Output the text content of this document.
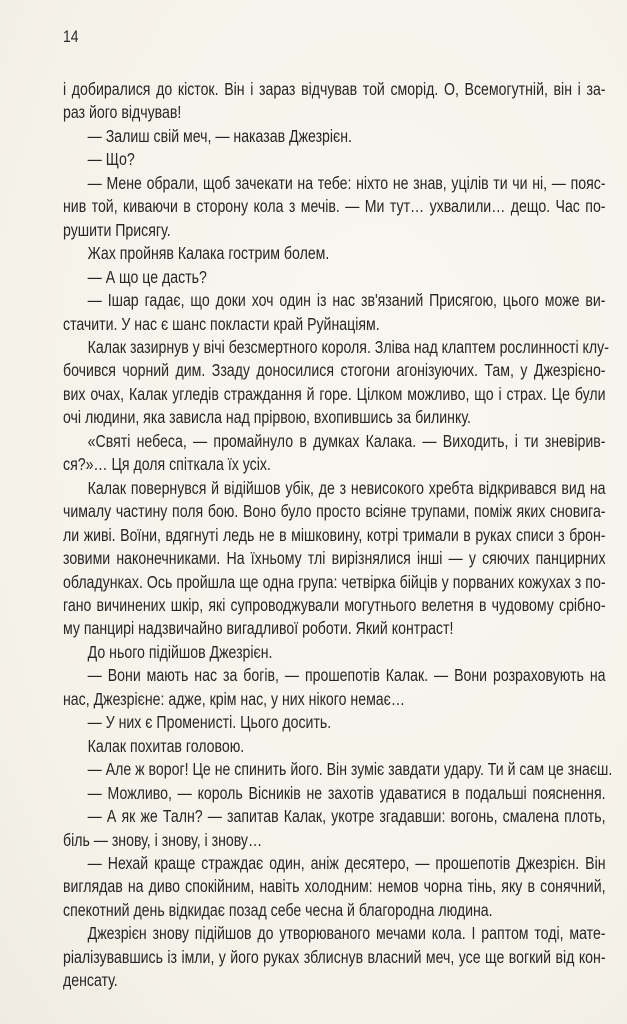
14
і добиралися до кісток. Він і зараз відчував той сморід. О, Всемогутній, він і за-
раз його відчував!
— Залиш свій меч, — наказав Джезрієн.
— Що?
— Мене обрали, щоб зачекати на тебе: ніхто не знав, уцілів ти чи ні, — пояс-
нив той, киваючи в сторону кола з мечів. — Ми тут… ухвалили… дещо. Час по-
рушити Присягу.
Жах пройняв Калака гострим болем.
— А що це дасть?
— Ішар гадає, що доки хоч один із нас зв'язаний Присягою, цього може ви-
стачити. У нас є шанс покласти край Руйнаціям.
Калак зазирнув у вічі безсмертного короля. Зліва над клаптем рослинності клу-
бочився чорний дим. Ззаду доносилися стогони агонізуючих. Там, у Джезрієно-
вих очах, Калак угледів страждання й горе. Цілком можливо, що і страх. Це були
очі людини, яка зависла над прірвою, вхопившись за билинку.
«Святі небеса, — промайнуло в думках Калака. — Виходить, і ти зневірив-
ся?»… Ця доля спіткала їх усіх.
Калак повернувся й відійшов убік, де з невисокого хребта відкривався вид на
чималу частину поля бою. Воно було просто всіяне трупами, поміж яких сновига-
ли живі. Воїни, вдягнуті ледь не в мішковину, котрі тримали в руках списи з брон-
зовими наконечниками. На їхньому тлі вирізнялися інші — у сяючих панцирних
обладунках. Ось пройшла ще одна група: четвірка бійців у порваних кожухах з по-
гано вичинених шкір, які супроводжували могутнього велетня в чудовому срібно-
му панцирі надзвичайно вигадливої роботи. Який контраст!
До нього підійшов Джезрієн.
— Вони мають нас за богів, — прошепотів Калак. — Вони розраховують на
нас, Джезрієне: адже, крім нас, у них нікого немає…
— У них є Променисті. Цього досить.
Калак похитав головою.
— Але ж ворог! Це не спинить його. Він зуміє завдати удару. Ти й сам це знаєш.
— Можливо, — король Вісників не захотів удаватися в подальші пояснення.
— А як же Талн? — запитав Калак, укотре згадавши: вогонь, смалена плоть,
біль — знову, і знову, і знову…
— Нехай краще страждає один, аніж десятеро, — прошепотів Джезрієн. Він
виглядав на диво спокійним, навіть холодним: немов чорна тінь, яку в сонячний,
спекотний день відкидає позад себе чесна й благородна людина.
Джезрієн знову підійшов до утворюваного мечами кола. І раптом тоді, мате-
ріалізувавшись із імли, у його руках зблиснув власний меч, усе ще вогкий від кон-
денсату.
